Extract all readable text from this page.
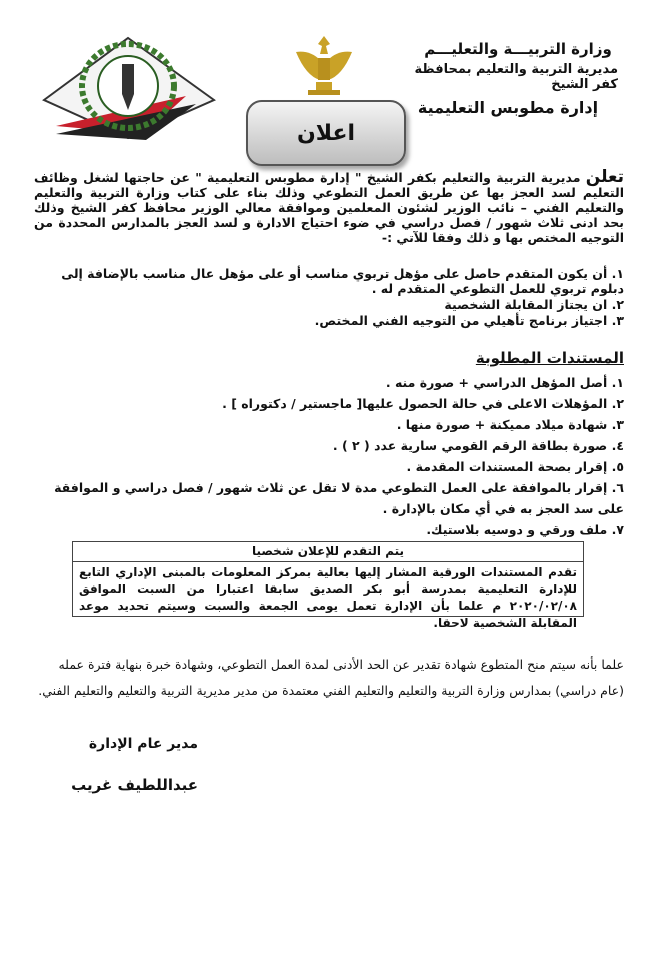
وزارة التربيـــة والتعليـــم
مديرية التربية والتعليم بمحافظة كفر الشيخ
إدارة مطوبس التعليمية
اعلان
تعلن مديرية التربية والتعليم بكفر الشيخ " إدارة مطوبس التعليمية " عن حاجتها لشغل وظائف التعليم لسد العجز بها عن طريق العمل التطوعي وذلك بناء على كتاب وزارة التربية والتعليم والتعليم الفني – نائب الوزير لشئون المعلمين وموافقة معالي الوزير محافظ كفر الشيخ وذلك بحد ادنى ثلاث شهور / فصل دراسي في ضوء احتياج الادارة و لسد العجز بالمدارس المحددة من التوجيه المختص بها و ذلك وفقا للآتي :-
١. أن يكون المتقدم حاصل على مؤهل تربوي مناسب أو على مؤهل عال مناسب بالإضافة إلى دبلوم تربوي للعمل التطوعي المتقدم له .
٢. ان يجتاز المقابلة الشخصية
٣. اجتياز برنامج تأهيلي من التوجيه الفني المختص.
المستندات المطلوبة
١. أصل المؤهل الدراسي + صورة منه .
٢. المؤهلات الاعلى في حالة الحصول عليها[ ماجستير / دكتوراه ] .
٣. شهادة ميلاد مميكنة + صورة منها .
٤. صورة بطاقة الرقم القومي سارية عدد ( ٢ ) .
٥. إقرار بصحة المستندات المقدمة .
٦. إقرار بالموافقة على العمل التطوعي مدة لا تقل عن ثلاث شهور / فصل دراسي و الموافقة على سد العجز به في أي مكان بالإدارة .
٧. ملف ورقي و دوسيه بلاستيك.
يتم التقدم للإعلان شخصيا
تقدم المستندات الورقية المشار إليها بعالية بمركز المعلومات بالمبنى الإداري التابع للإدارة التعليمية بمدرسة أبو بكر الصديق سابقا اعتبارا من السبت الموافق ٢٠٢٠/٠٢/٠٨ م علما بأن الإدارة تعمل يومى الجمعة والسبت وسيتم تحديد موعد المقابلة الشخصية لاحقا.
علما بأنه سيتم منح المتطوع شهادة تقدير عن الحد الأدنى لمدة العمل التطوعي، وشهادة خبرة بنهاية فترة عمله (عام دراسي) بمدارس وزارة التربية والتعليم والتعليم الفني معتمدة من مدير مديرية التربية والتعليم والتعليم الفني.
مدير عام الإدارة
عبداللطيف غريب
